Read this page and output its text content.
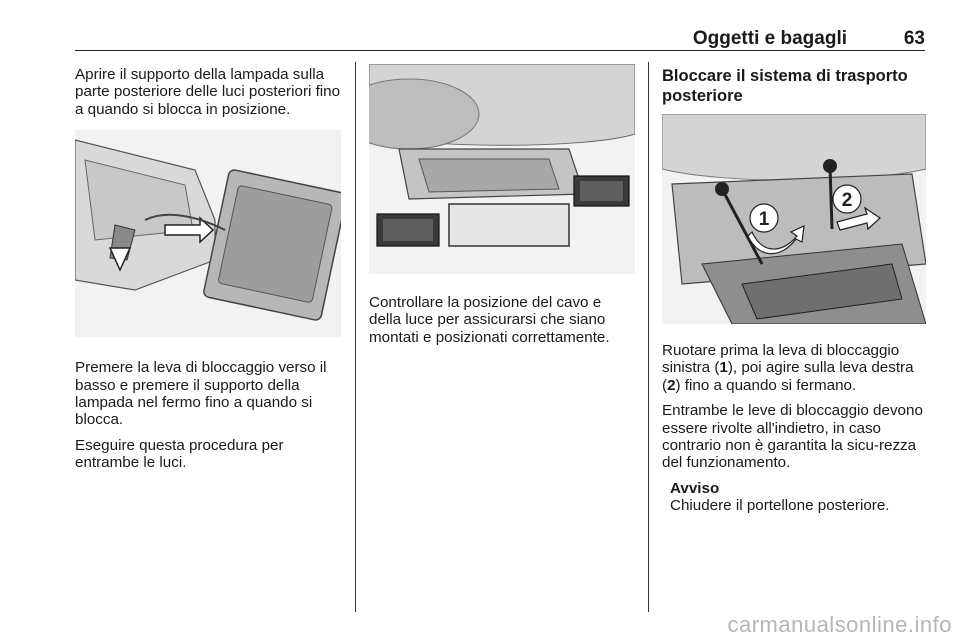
Oggetti e bagagli	63

Aprire il supporto della lampada sulla parte posteriore delle luci posteriori fino a quando si blocca in posizione.

Premere la leva di bloccaggio verso il basso e premere il supporto della lampada nel fermo fino a quando si blocca.

Eseguire questa procedura per entrambe le luci.

Controllare la posizione del cavo e della luce per assicurarsi che siano montati e posizionati correttamente.

Bloccare il sistema di trasporto posteriore
1
2

Ruotare prima la leva di bloccaggio sinistra (1), poi agire sulla leva destra (2) fino a quando si fermano.

Entrambe le leve di bloccaggio devono essere rivolte all'indietro, in caso contrario non è garantita la sicu-rezza del funzionamento.

Avviso
Chiudere il portellone posteriore.
carmanualsonline.info
